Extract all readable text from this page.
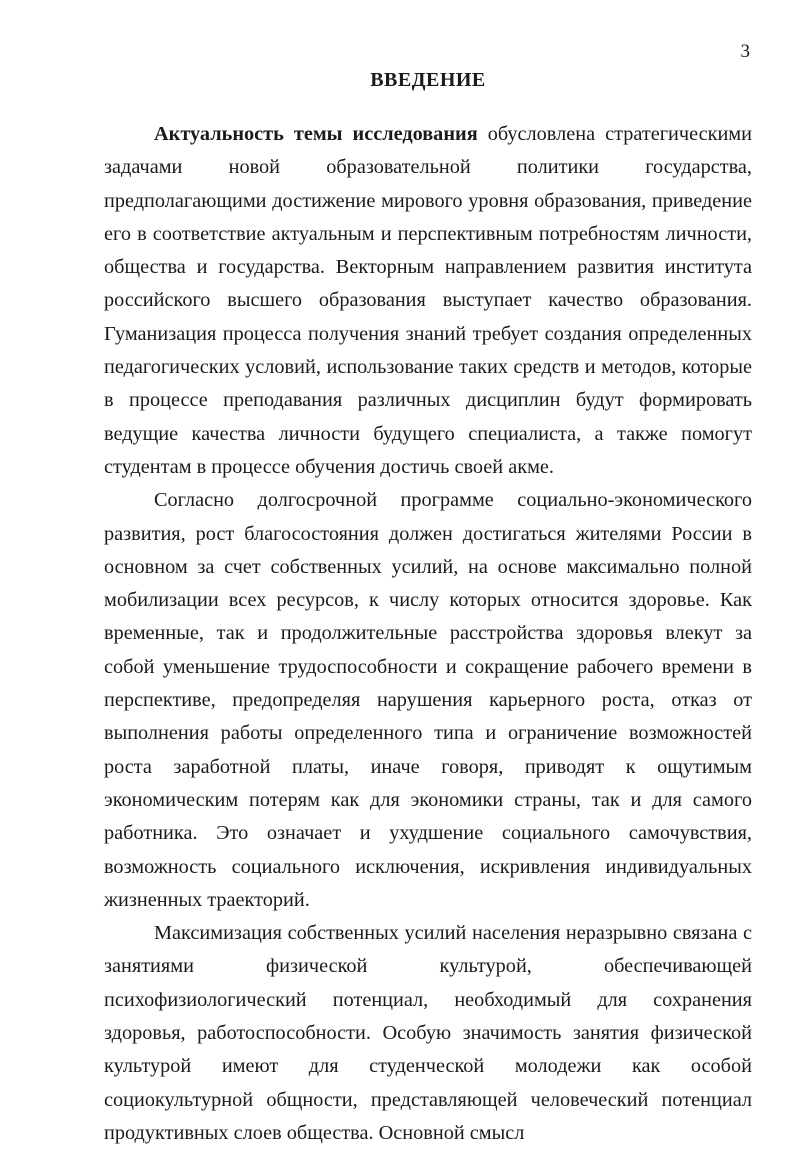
3
ВВЕДЕНИЕ

Актуальность темы исследования обусловлена стратегическими задачами новой образовательной политики государства, предполагающими достижение мирового уровня образования, приведение его в соответствие актуальным и перспективным потребностям личности, общества и государства. Векторным направлением развития института российского высшего образования выступает качество образования. Гуманизация процесса получения знаний требует создания определенных педагогических условий, использование таких средств и методов, которые в процессе преподавания различных дисциплин будут формировать ведущие качества личности будущего специалиста, а также помогут студентам в процессе обучения достичь своей акме.

Согласно долгосрочной программе социально-экономического развития, рост благосостояния должен достигаться жителями России в основном за счет собственных усилий, на основе максимально полной мобилизации всех ресурсов, к числу которых относится здоровье. Как временные, так и продолжительные расстройства здоровья влекут за собой уменьшение трудоспособности и сокращение рабочего времени в перспективе, предопределяя нарушения карьерного роста, отказ от выполнения работы определенного типа и ограничение возможностей роста заработной платы, иначе говоря, приводят к ощутимым экономическим потерям как для экономики страны, так и для самого работника. Это означает и ухудшение социального самочувствия, возможность социального исключения, искривления индивидуальных жизненных траекторий.

Максимизация собственных усилий населения неразрывно связана с занятиями физической культурой, обеспечивающей психофизиологический потенциал, необходимый для сохранения здоровья, работоспособности. Особую значимость занятия физической культурой имеют для студенческой молодежи как особой социокультурной общности, представляющей человеческий потенциал продуктивных слоев общества. Основной смысл
